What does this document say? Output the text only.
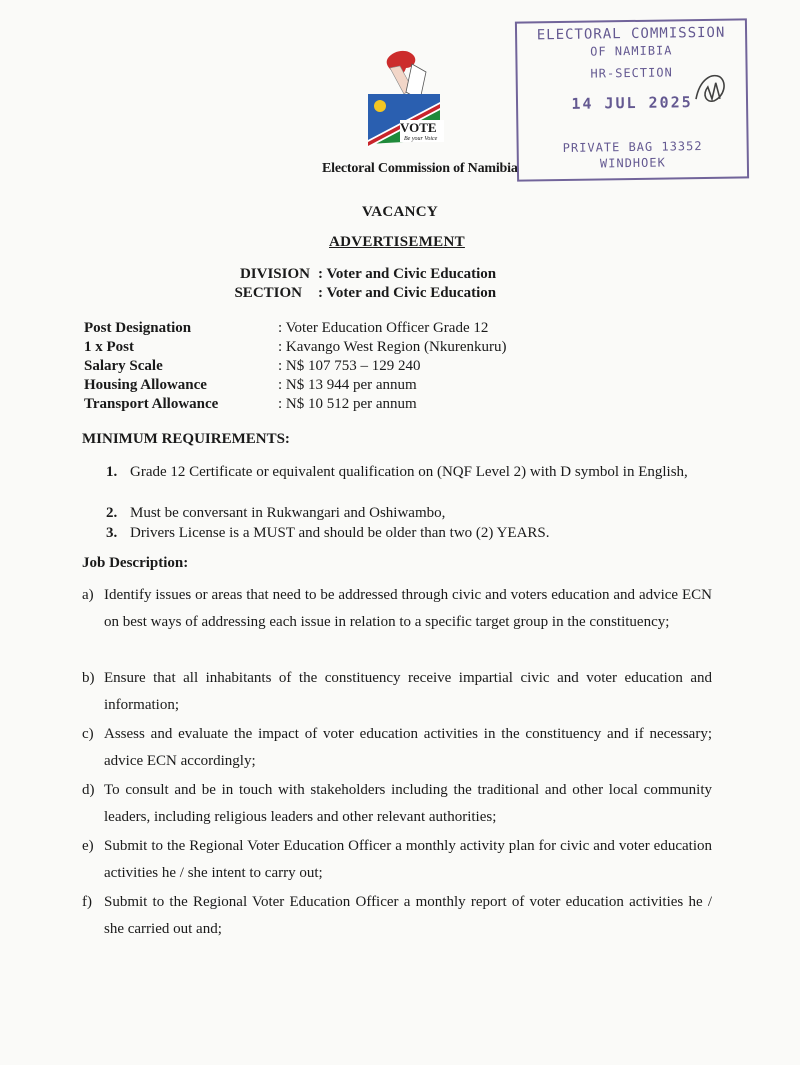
VOTE
Be your Voice
Electoral Commission of Namibia
ELECTORAL COMMISSION
OF NAMIBIA
HR-SECTION
14 JUL 2025
PRIVATE BAG 13352
WINDHOEK
VACANCY
ADVERTISEMENT
DIVISION : Voter and Civic Education
SECTION : Voter and Civic Education
Post Designation	: Voter Education Officer Grade 12
1 x Post	: Kavango West Region (Nkurenkuru)
Salary Scale	: N$ 107 753 – 129 240
Housing Allowance	: N$ 13 944 per annum
Transport Allowance	: N$ 10 512 per annum
MINIMUM REQUIREMENTS:
1. Grade 12 Certificate or equivalent qualification on (NQF Level 2) with D symbol in English,
2. Must be conversant in Rukwangari and Oshiwambo,
3. Drivers License is a MUST and should be older than two (2) YEARS.
Job Description:
a) Identify issues or areas that need to be addressed through civic and voters education and advice ECN on best ways of addressing each issue in relation to a specific target group in the constituency;
b) Ensure that all inhabitants of the constituency receive impartial civic and voter education and information;
c) Assess and evaluate the impact of voter education activities in the constituency and if necessary; advice ECN accordingly;
d) To consult and be in touch with stakeholders including the traditional and other local community leaders, including religious leaders and other relevant authorities;
e) Submit to the Regional Voter Education Officer a monthly activity plan for civic and voter education activities he / she intent to carry out;
f) Submit to the Regional Voter Education Officer a monthly report of voter education activities he / she carried out and;
